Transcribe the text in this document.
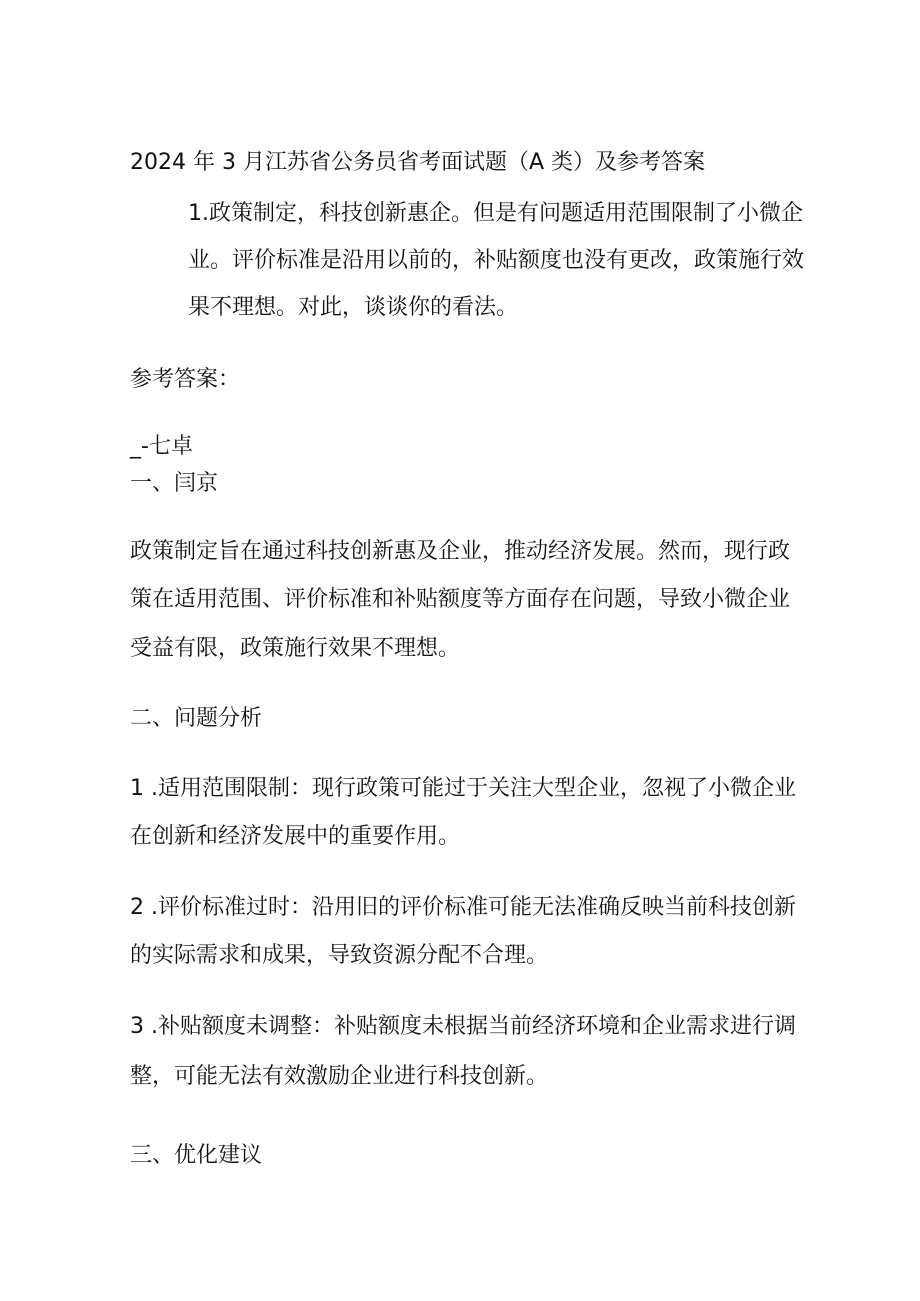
2024 年 3 月江苏省公务员省考面试题（A 类）及参考答案

1.政策制定，科技创新惠企。但是有问题适用范围限制了小微企

业。评价标准是沿用以前的，补贴额度也没有更改，政策施行效

果不理想。对此，谈谈你的看法。

参考答案：

_-七卓

一、闫京

政策制定旨在通过科技创新惠及企业，推动经济发展。然而，现行政

策在适用范围、评价标准和补贴额度等方面存在问题，导致小微企业

受益有限，政策施行效果不理想。

二、问题分析

1 .适用范围限制：现行政策可能过于关注大型企业，忽视了小微企业

在创新和经济发展中的重要作用。

2 .评价标准过时：沿用旧的评价标准可能无法准确反映当前科技创新

的实际需求和成果，导致资源分配不合理。

3 .补贴额度未调整：补贴额度未根据当前经济环境和企业需求进行调

整，可能无法有效激励企业进行科技创新。

三、优化建议
